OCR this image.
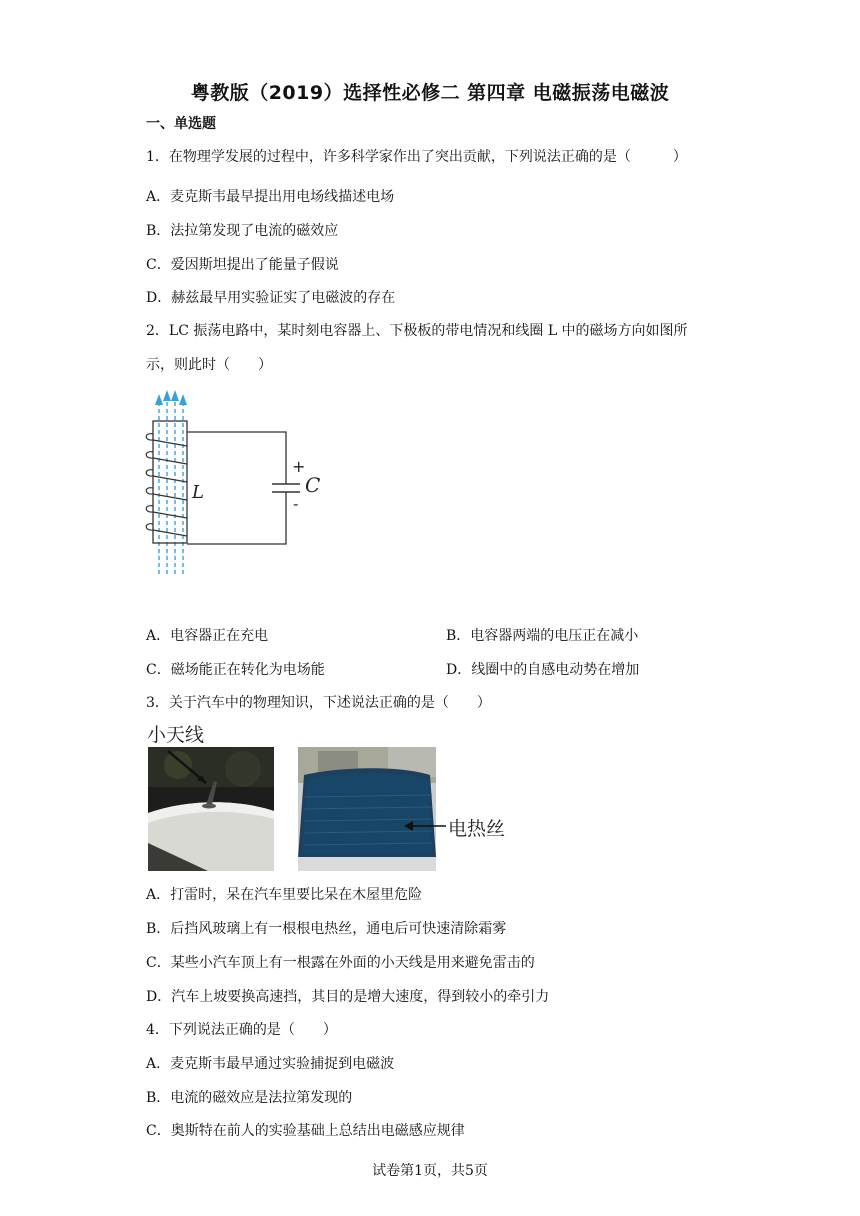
粤教版（2019）选择性必修二 第四章 电磁振荡电磁波
一、单选题
1．在物理学发展的过程中，许多科学家作出了突出贡献，下列说法正确的是（　　　）
A．麦克斯韦最早提出用电场线描述电场
B．法拉第发现了电流的磁效应
C．爱因斯坦提出了能量子假说
D．赫兹最早用实验证实了电磁波的存在
2．LC 振荡电路中，某时刻电容器上、下极板的带电情况和线圈 L 中的磁场方向如图所
示，则此时（　　）
+
-
C
L
A．电容器正在充电	B．电容器两端的电压正在减小
C．磁场能正在转化为电场能	D．线圈中的自感电动势在增加
3．关于汽车中的物理知识，下述说法正确的是（　　）
小天线
电热丝
A．打雷时，呆在汽车里要比呆在木屋里危险
B．后挡风玻璃上有一根根电热丝，通电后可快速清除霜雾
C．某些小汽车顶上有一根露在外面的小天线是用来避免雷击的
D．汽车上坡要换高速挡，其目的是增大速度，得到较小的牵引力
4．下列说法正确的是（　　）
A．麦克斯韦最早通过实验捕捉到电磁波
B．电流的磁效应是法拉第发现的
C．奥斯特在前人的实验基础上总结出电磁感应规律
试卷第1页，共5页
